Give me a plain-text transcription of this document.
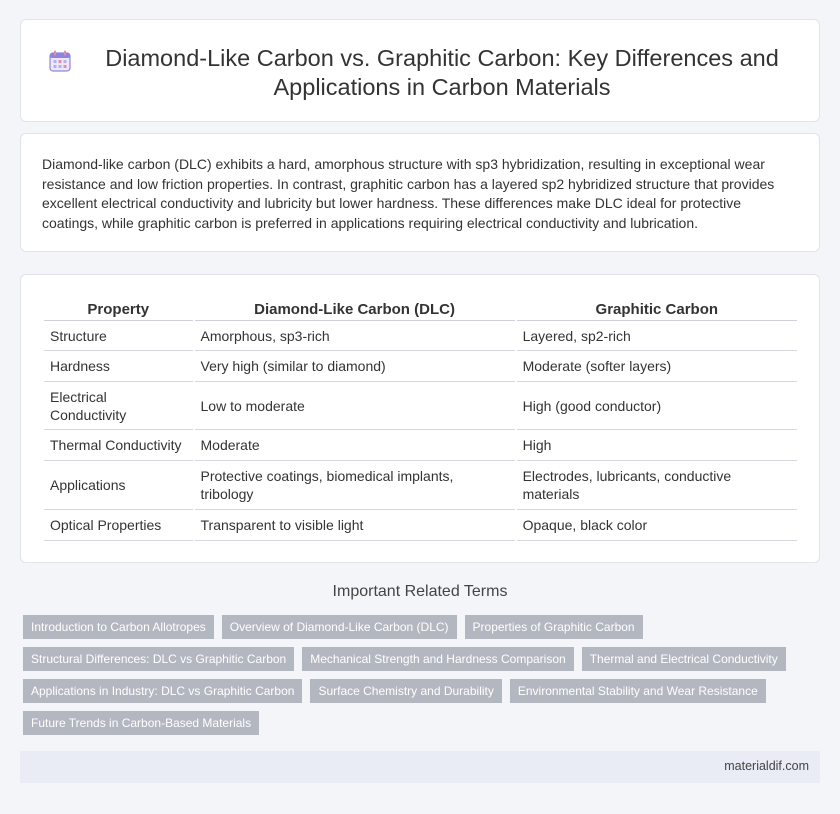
Diamond-Like Carbon vs. Graphitic Carbon: Key Differences and Applications in Carbon Materials

Diamond-like carbon (DLC) exhibits a hard, amorphous structure with sp3 hybridization, resulting in exceptional wear resistance and low friction properties. In contrast, graphitic carbon has a layered sp2 hybridized structure that provides excellent electrical conductivity and lubricity but lower hardness. These differences make DLC ideal for protective coatings, while graphitic carbon is preferred in applications requiring electrical conductivity and lubrication.

Property	Diamond-Like Carbon (DLC)	Graphitic Carbon
Structure	Amorphous, sp3-rich	Layered, sp2-rich
Hardness	Very high (similar to diamond)	Moderate (softer layers)
Electrical Conductivity	Low to moderate	High (good conductor)
Thermal Conductivity	Moderate	High
Applications	Protective coatings, biomedical implants, tribology	Electrodes, lubricants, conductive materials
Optical Properties	Transparent to visible light	Opaque, black color
Important Related Terms
Introduction to Carbon Allotropes	Overview of Diamond-Like Carbon (DLC)	Properties of Graphitic Carbon
Structural Differences: DLC vs Graphitic Carbon	Mechanical Strength and Hardness Comparison	Thermal and Electrical Conductivity
Applications in Industry: DLC vs Graphitic Carbon	Surface Chemistry and Durability	Environmental Stability and Wear Resistance
Future Trends in Carbon-Based Materials
materialdif.com
